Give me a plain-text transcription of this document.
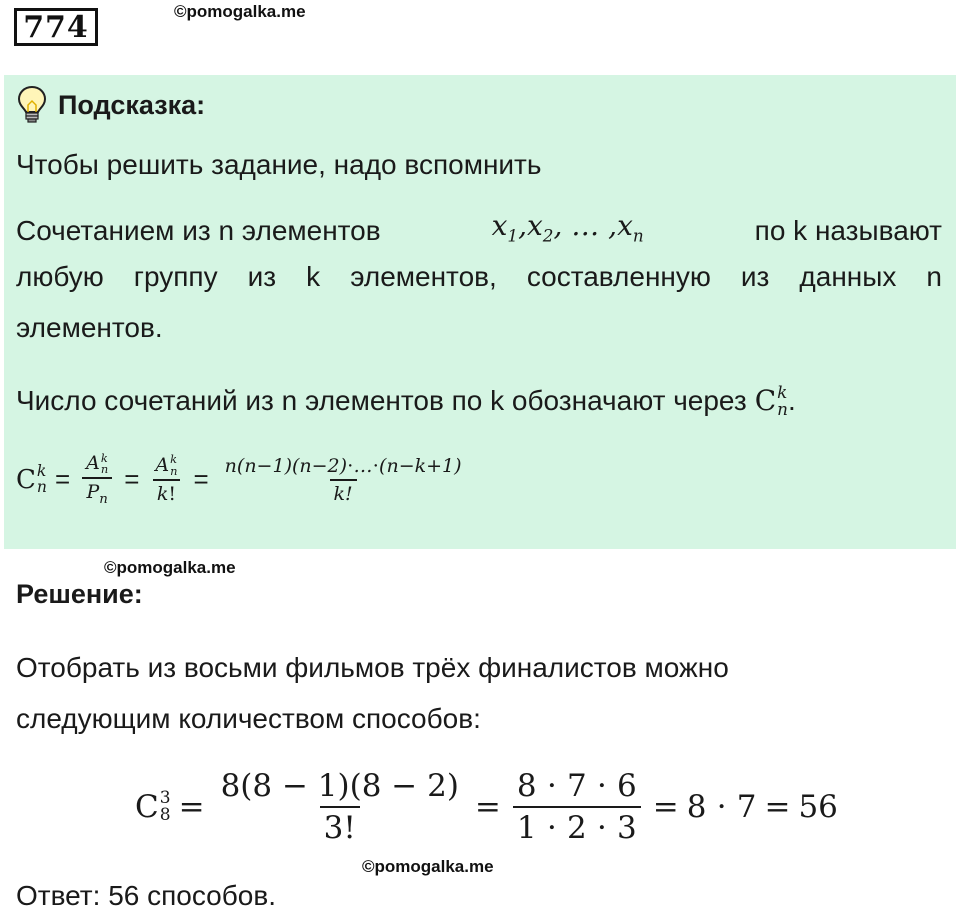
774	©pomogalka.me
Подсказка:
Чтобы решить задание, надо вспомнить
Сочетанием из n элементов	$x_1,x_2$, … $,x_n$	по k называют
любую группу из k элементов, составленную из данных n
элементов.
Число сочетаний из n элементов по k обозначают через C k
n .
C k
n = A k
n
$P_n = A$ k
n
k! = $\frac{n(n-1)(n-2)\cdot\dots\cdot(n-k+1)}{k!}$
©pomogalka.me
Решение:
Отобрать из восьми фильмов трёх финалистов можно
следующим количеством способов:
C 3
$8 = \frac{8(8 - 1)(8 - 2)}{3!} = \frac{8 \cdot 7 \cdot 6}{1 \cdot 2 \cdot 3} = 8 \cdot 7 = 56$
©pomogalka.me
Ответ: 56 способов.
